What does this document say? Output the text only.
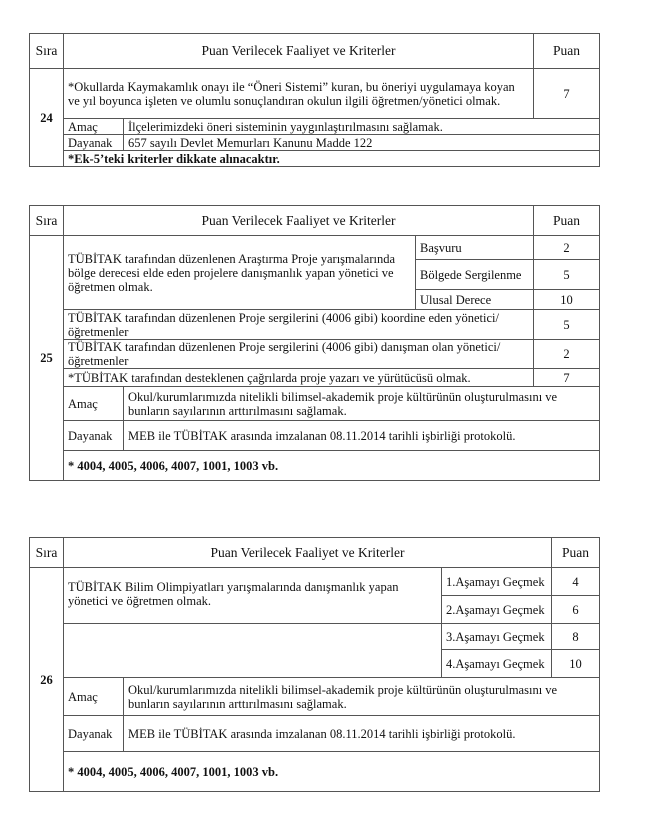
Sıra	Puan Verilecek Faaliyet ve Kriterler		Puan
24	*Okullarda Kaymakamlık onayı ile “Öneri Sistemi” kuran, bu öneriyi uygulamaya koyan ve yıl boyunca işleten ve olumlu sonuçlandıran okulun ilgili öğretmen/yönetici olmak.		7
	Amaç	İlçelerimizdeki öneri sisteminin yaygınlaştırılmasını sağlamak.	
	Dayanak	657 sayılı Devlet Memurları Kanunu Madde 122	
	*Ek-5’teki kriterler dikkate alınacaktır.		
Sıra	Puan Verilecek Faaliyet ve Kriterler			Puan
25	TÜBİTAK tarafından düzenlenen Araştırma Proje yarışmalarında bölge derecesi elde eden projelere danışmanlık yapan yönetici ve öğretmen olmak.		Başvuru	2
			Bölgede Sergilenme	5
			Ulusal Derece	10
	TÜBİTAK tarafından düzenlenen Proje sergilerini (4006 gibi) koordine eden yönetici/öğretmenler			5
	TÜBİTAK tarafından düzenlenen Proje sergilerini (4006 gibi) danışman olan yönetici/öğretmenler			2
	*TÜBİTAK tarafından desteklenen çağrılarda proje yazarı ve yürütücüsü olmak.			7
	Amaç	Okul/kurumlarımızda nitelikli bilimsel-akademik proje kültürünün oluşturulmasını ve bunların sayılarının arttırılmasını sağlamak.		
	Dayanak	MEB ile TÜBİTAK arasında imzalanan 08.11.2014 tarihli işbirliği protokolü.		
	* 4004, 4005, 4006, 4007, 1001, 1003 vb.			
Sıra	Puan Verilecek Faaliyet ve Kriterler			Puan
26	TÜBİTAK Bilim Olimpiyatları yarışmalarında danışmanlık yapan yönetici ve öğretmen olmak.		1.Aşamayı Geçmek	4
			2.Aşamayı Geçmek	6
			3.Aşamayı Geçmek	8
			4.Aşamayı Geçmek	10
	Amaç	Okul/kurumlarımızda nitelikli bilimsel-akademik proje kültürünün oluşturulmasını ve bunların sayılarının arttırılmasını sağlamak.		
	Dayanak	MEB ile TÜBİTAK arasında imzalanan 08.11.2014 tarihli işbirliği protokolü.		
	* 4004, 4005, 4006, 4007, 1001, 1003 vb.			
